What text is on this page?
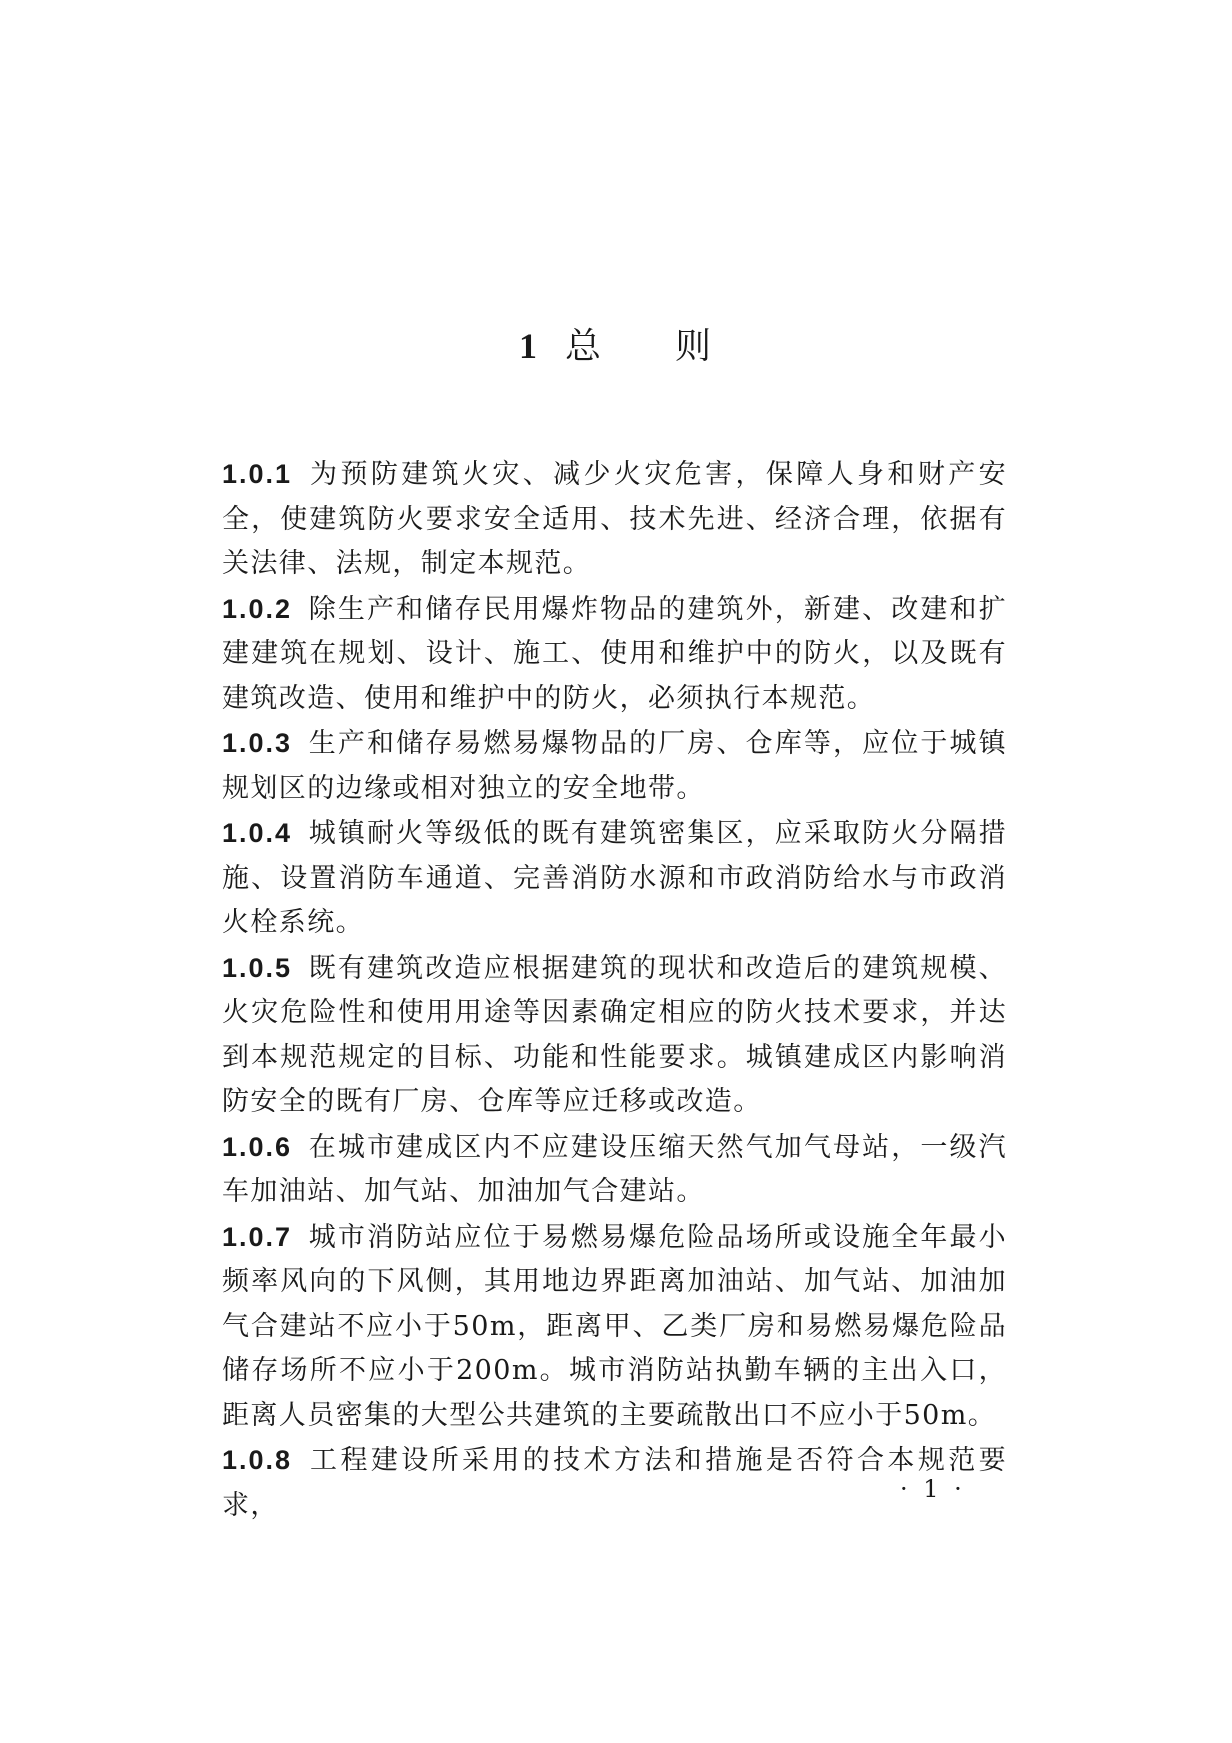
1 总 则

1.0.1 为预防建筑火灾、减少火灾危害，保障人身和财产安全，使建筑防火要求安全适用、技术先进、经济合理，依据有关法律、法规，制定本规范。

1.0.2 除生产和储存民用爆炸物品的建筑外，新建、改建和扩建建筑在规划、设计、施工、使用和维护中的防火，以及既有建筑改造、使用和维护中的防火，必须执行本规范。

1.0.3 生产和储存易燃易爆物品的厂房、仓库等，应位于城镇规划区的边缘或相对独立的安全地带。

1.0.4 城镇耐火等级低的既有建筑密集区，应采取防火分隔措施、设置消防车通道、完善消防水源和市政消防给水与市政消火栓系统。

1.0.5 既有建筑改造应根据建筑的现状和改造后的建筑规模、火灾危险性和使用用途等因素确定相应的防火技术要求，并达到本规范规定的目标、功能和性能要求。城镇建成区内影响消防安全的既有厂房、仓库等应迁移或改造。

1.0.6 在城市建成区内不应建设压缩天然气加气母站，一级汽车加油站、加气站、加油加气合建站。

1.0.7 城市消防站应位于易燃易爆危险品场所或设施全年最小频率风向的下风侧，其用地边界距离加油站、加气站、加油加气合建站不应小于50m，距离甲、乙类厂房和易燃易爆危险品储存场所不应小于200m。城市消防站执勤车辆的主出入口，距离人员密集的大型公共建筑的主要疏散出口不应小于50m。

1.0.8 工程建设所采用的技术方法和措施是否符合本规范要求，

· 1 ·
